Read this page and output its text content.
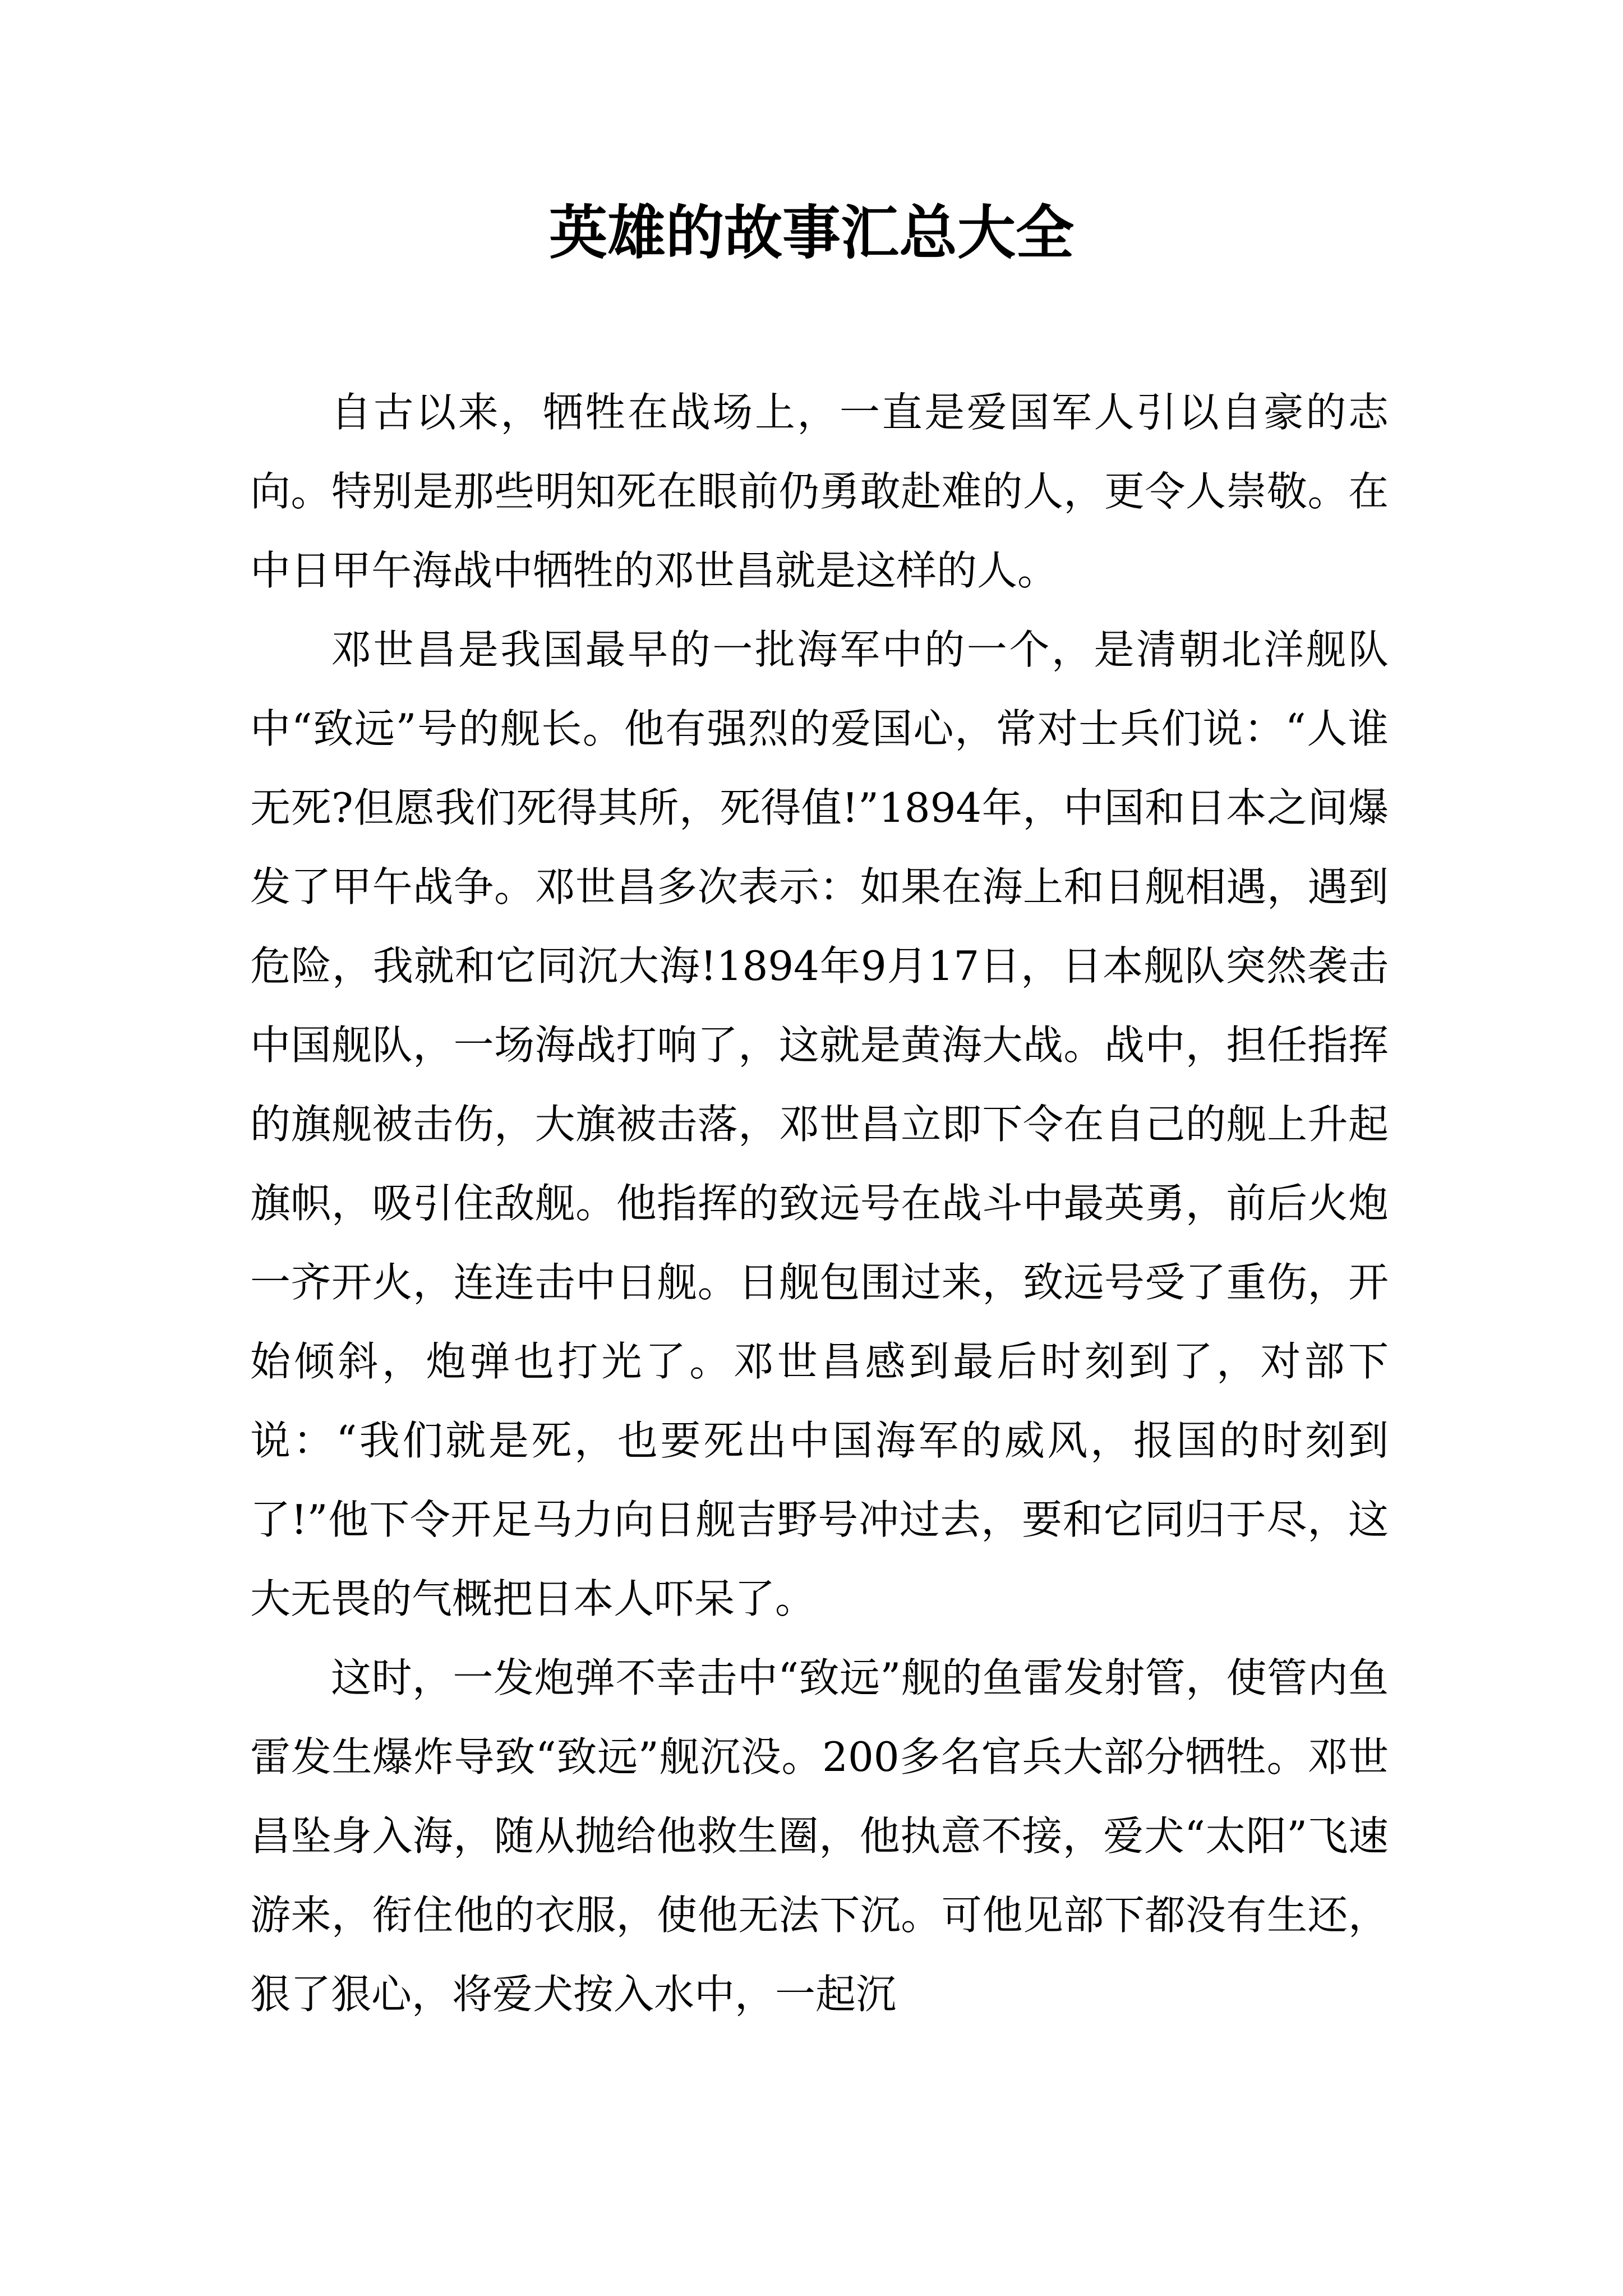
英雄的故事汇总大全

自古以来，牺牲在战场上，一直是爱国军人引以自豪的志向。特别是那些明知死在眼前仍勇敢赴难的人，更令人崇敬。在中日甲午海战中牺牲的邓世昌就是这样的人。

邓世昌是我国最早的一批海军中的一个，是清朝北洋舰队中“致远”号的舰长。他有强烈的爱国心，常对士兵们说：“人谁无死?但愿我们死得其所，死得值!”1894年，中国和日本之间爆发了甲午战争。邓世昌多次表示：如果在海上和日舰相遇，遇到危险，我就和它同沉大海!1894年9月17日，日本舰队突然袭击中国舰队，一场海战打响了，这就是黄海大战。战中，担任指挥的旗舰被击伤，大旗被击落，邓世昌立即下令在自己的舰上升起旗帜，吸引住敌舰。他指挥的致远号在战斗中最英勇，前后火炮一齐开火，连连击中日舰。日舰包围过来，致远号受了重伤，开始倾斜，炮弹也打光了。邓世昌感到最后时刻到了，对部下说：“我们就是死，也要死出中国海军的威风，报国的时刻到了!”他下令开足马力向日舰吉野号冲过去，要和它同归于尽，这大无畏的气概把日本人吓呆了。

这时，一发炮弹不幸击中“致远”舰的鱼雷发射管，使管内鱼雷发生爆炸导致“致远”舰沉没。200多名官兵大部分牺牲。邓世昌坠身入海，随从抛给他救生圈，他执意不接，爱犬“太阳”飞速游来，衔住他的衣服，使他无法下沉。可他见部下都没有生还，狠了狠心，将爱犬按入水中，一起沉
